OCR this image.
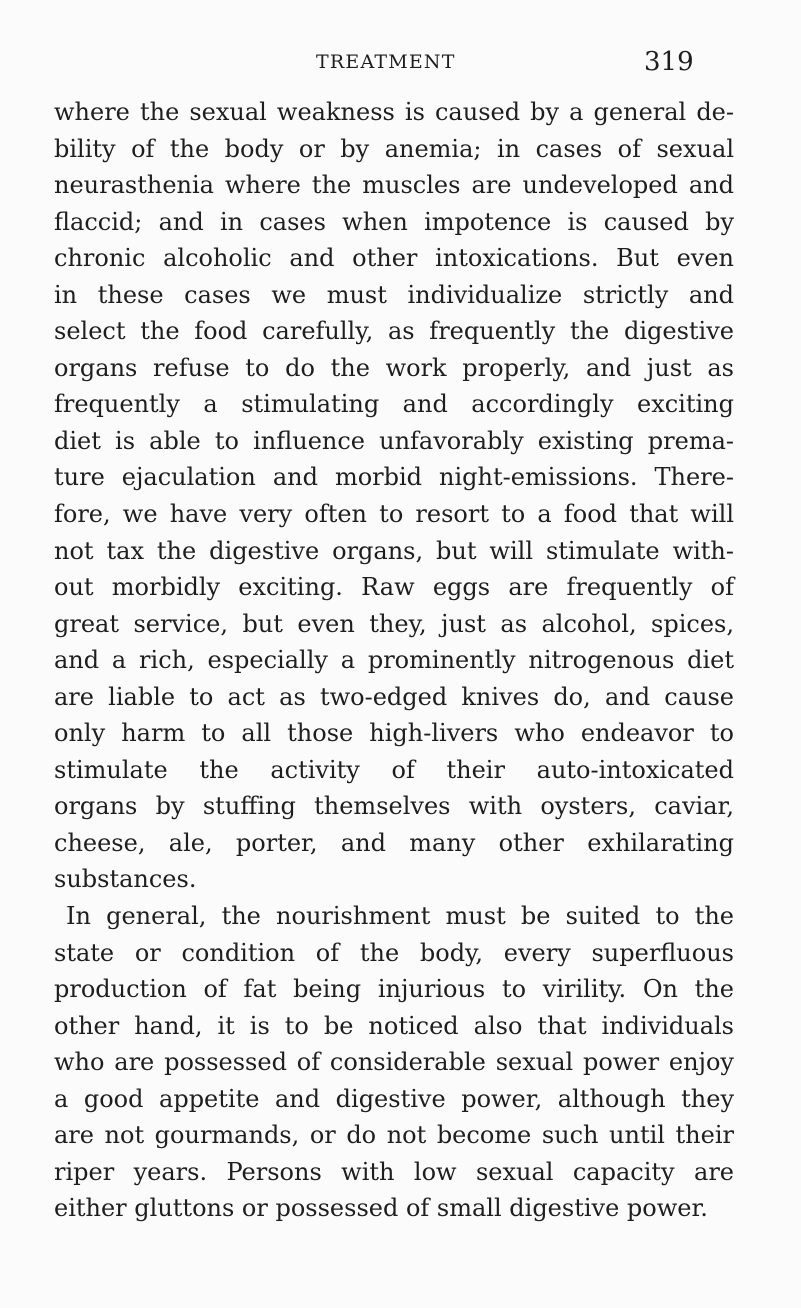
TREATMENT	319
where the sexual weakness is caused by a general de-
bility of the body or by anemia; in cases of sexual
neurasthenia where the muscles are undeveloped and
flaccid; and in cases when impotence is caused by
chronic alcoholic and other intoxications. But even
in these cases we must individualize strictly and
select the food carefully, as frequently the digestive
organs refuse to do the work properly, and just as
frequently a stimulating and accordingly exciting
diet is able to influence unfavorably existing prema-
ture ejaculation and morbid night-emissions. There-
fore, we have very often to resort to a food that will
not tax the digestive organs, but will stimulate with-
out morbidly exciting. Raw eggs are frequently of
great service, but even they, just as alcohol, spices,
and a rich, especially a prominently nitrogenous diet
are liable to act as two-edged knives do, and cause
only harm to all those high-livers who endeavor to
stimulate the activity of their auto-intoxicated
organs by stuffing themselves with oysters, caviar,
cheese, ale, porter, and many other exhilarating
substances.
In general, the nourishment must be suited to the
state or condition of the body, every superfluous
production of fat being injurious to virility. On the
other hand, it is to be noticed also that individuals
who are possessed of considerable sexual power enjoy
a good appetite and digestive power, although they
are not gourmands, or do not become such until their
riper years. Persons with low sexual capacity are
either gluttons or possessed of small digestive power.
